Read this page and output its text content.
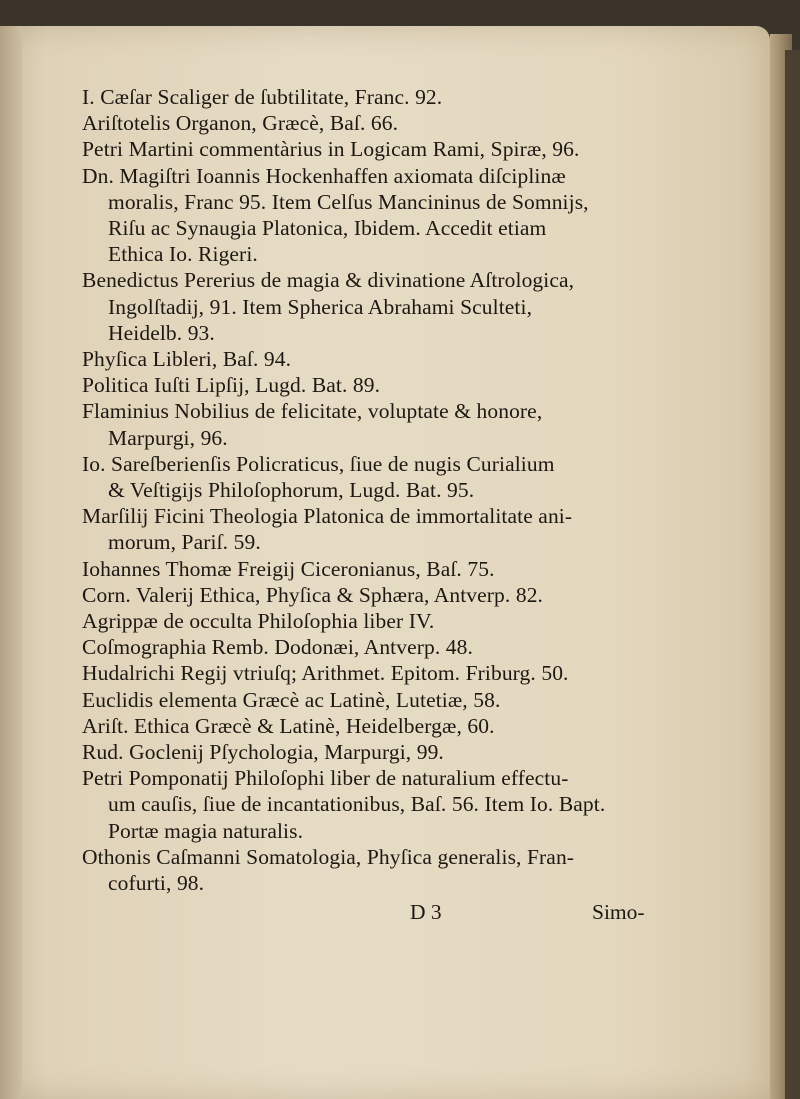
I. Cæſar Scaliger de ſubtilitate, Franc. 92.
Ariſtotelis Organon, Græcè, Baſ. 66.
Petri Martini commentàrius in Logicam Rami, Spiræ, 96.
Dn. Magiſtri Ioannis Hockenhaffen axiomata diſciplinæ
moralis, Franc 95. Item Celſus Mancininus de Somnijs,
Riſu ac Synaugia Platonica, Ibidem. Accedit etiam
Ethica Io. Rigeri.
Benedictus Pererius de magia & divinatione Aſtrologica,
Ingolſtadij, 91. Item Spherica Abrahami Sculteti,
Heidelb. 93.
Phyſica Libleri, Baſ. 94.
Politica Iuſti Lipſij, Lugd. Bat. 89.
Flaminius Nobilius de felicitate, voluptate & honore,
Marpurgi, 96.
Io. Sareſberienſis Policraticus, ſiue de nugis Curialium
& Veſtigijs Philoſophorum, Lugd. Bat. 95.
Marſilij Ficini Theologia Platonica de immortalitate ani-
morum, Pariſ. 59.
Iohannes Thomæ Freigij Ciceronianus, Baſ. 75.
Corn. Valerij Ethica, Phyſica & Sphæra, Antverp. 82.
Agrippæ de occulta Philoſophia liber IV.
Coſmographia Remb. Dodonæi, Antverp. 48.
Hudalrichi Regij vtriuſq; Arithmet. Epitom. Friburg. 50.
Euclidis elementa Græcè ac Latinè, Lutetiæ, 58.
Ariſt. Ethica Græcè & Latinè, Heidelbergæ, 60.
Rud. Goclenij Pſychologia, Marpurgi, 99.
Petri Pomponatij Philoſophi liber de naturalium effectu-
um cauſis, ſiue de incantationibus, Baſ. 56. Item Io. Bapt.
Portæ magia naturalis.
Othonis Caſmanni Somatologia, Phyſica generalis, Fran-
cofurti, 98.
D 3	Simo-
